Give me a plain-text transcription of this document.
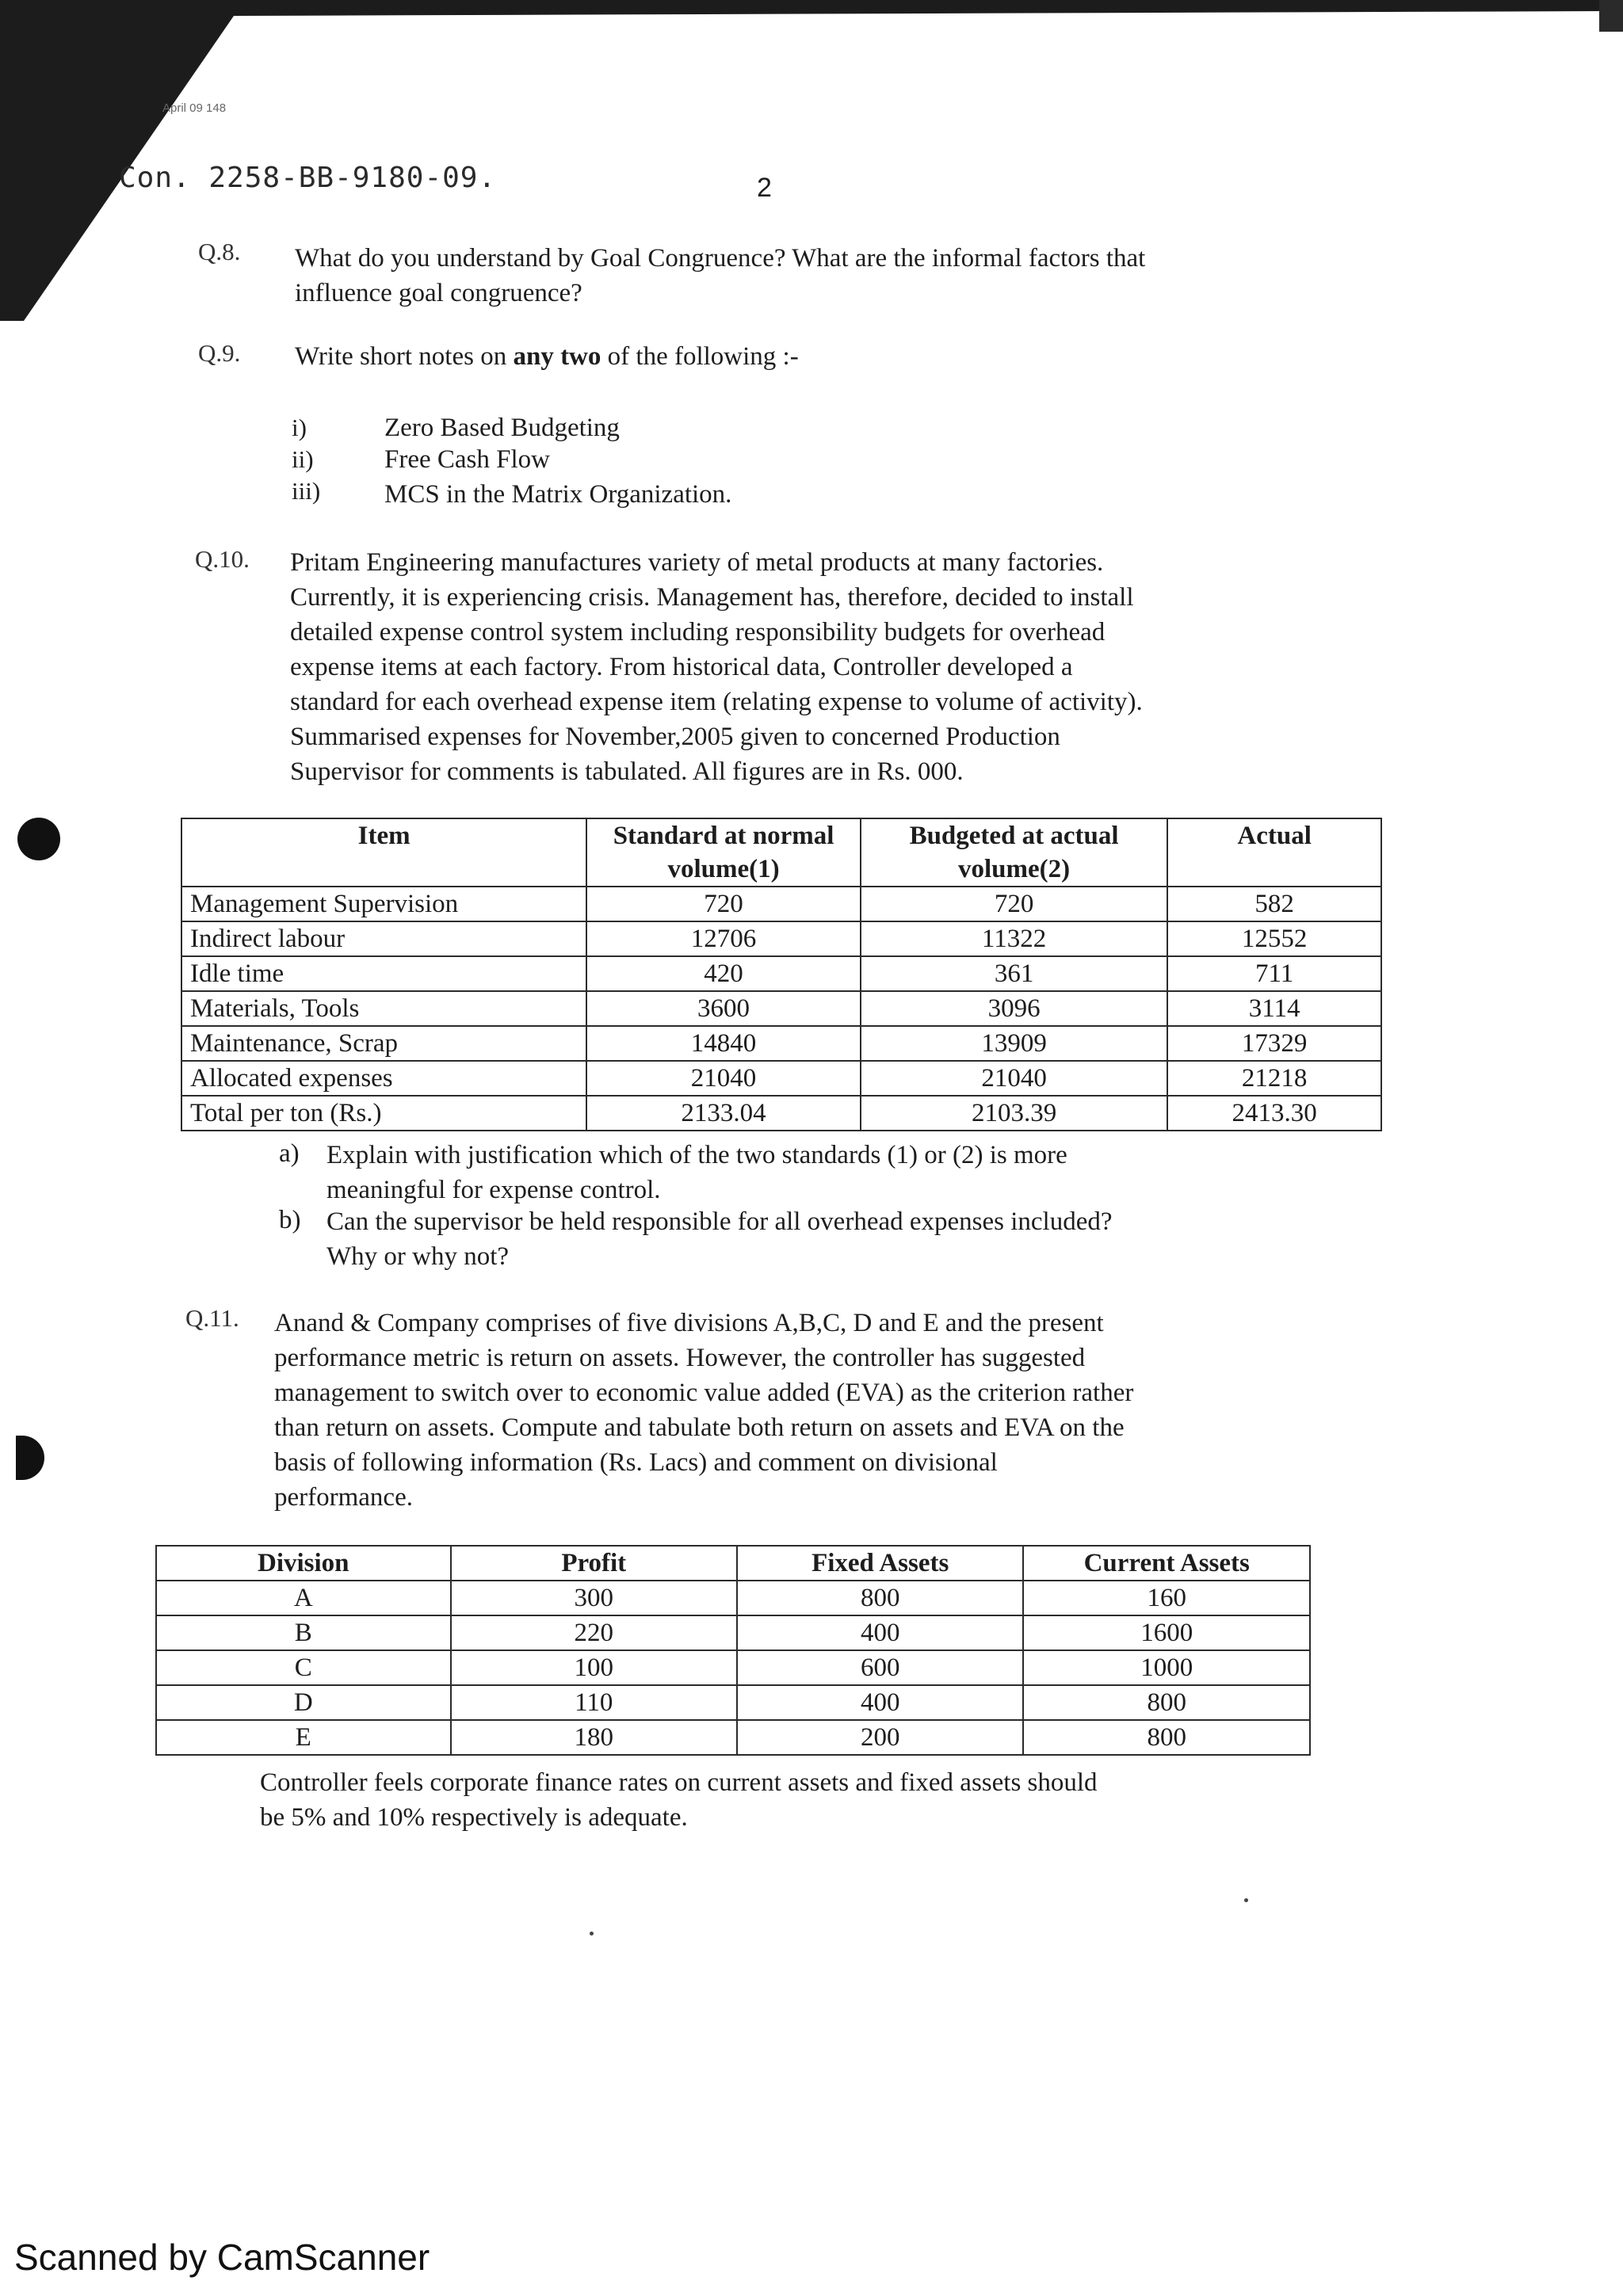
April 09 148
Con. 2258-BB-9180-09.	2
Q.8. What do you understand by Goal Congruence? What are the informal factors that
influence goal congruence?
Q.9. Write short notes on any two of the following :-
i)	Zero Based Budgeting
ii)	Free Cash Flow
iii) MCS in the Matrix Organization.
Q.10. Pritam Engineering manufactures variety of metal products at many factories.
Currently, it is experiencing crisis. Management has, therefore, decided to install
detailed expense control system including responsibility budgets for overhead
expense items at each factory. From historical data, Controller developed a
standard for each overhead expense item (relating expense to volume of activity).
Summarised expenses for November,2005 given to concerned Production
Supervisor for comments is tabulated. All figures are in Rs. 000.
Item	Standard at normal volume(1)	Budgeted at actual volume(2)	Actual
Management Supervision	720	720	582
Indirect labour	12706	11322	12552
Idle time	420	361	711
Materials, Tools	3600	3096	3114
Maintenance, Scrap	14840	13909	17329
Allocated expenses	21040	21040	21218
Total per ton (Rs.)	2133.04	2103.39	2413.30
a) Explain with justification which of the two standards (1) or (2) is more
meaningful for expense control.
b) Can the supervisor be held responsible for all overhead expenses included?
Why or why not?
Q.11. Anand & Company comprises of five divisions A,B,C, D and E and the present
performance metric is return on assets. However, the controller has suggested
management to switch over to economic value added (EVA) as the criterion rather
than return on assets. Compute and tabulate both return on assets and EVA on the
basis of following information (Rs. Lacs) and comment on divisional
performance.
Division	Profit	Fixed Assets	Current Assets
A	300	800	160
B	220	400	1600
C	100	600	1000
D	110	400	800
E	180	200	800
Controller feels corporate finance rates on current assets and fixed assets should
be 5% and 10% respectively is adequate.
Scanned by CamScanner
